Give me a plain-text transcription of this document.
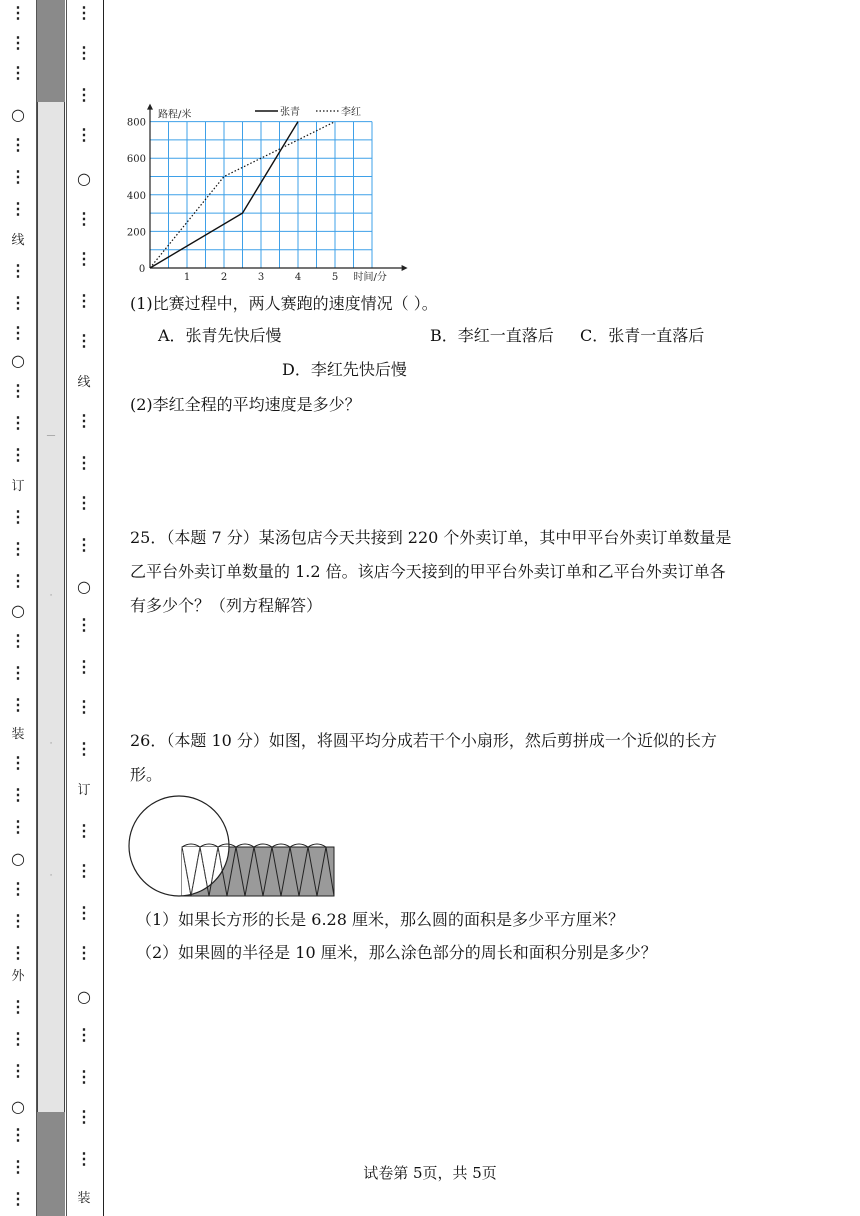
—
·
·
·
⋮
⋮
⋮
○
⋮
⋮
⋮
线
⋮
⋮
⋮
○
⋮
⋮
⋮
订
⋮
⋮
⋮
○
⋮
⋮
⋮
装
⋮
⋮
⋮
○
⋮
⋮
⋮
外
⋮
⋮
⋮
○
⋮
⋮
⋮
⋮
⋮
⋮
⋮
○
⋮
⋮
⋮
⋮
线
⋮
⋮
⋮
⋮
○
⋮
⋮
⋮
⋮
订
⋮
⋮
⋮
⋮
○
⋮
⋮
⋮
⋮
装
0
1	2	3	4	5
200
400
600
800
路程/米
时间/分
张青	李红
(1)比赛过程中，两人赛跑的速度情况（ ）。
A．张青先快后慢	B．李红一直落后 C．张青一直落后
D．李红先快后慢
(2)李红全程的平均速度是多少？
25．（本题 7 分）某汤包店今天共接到 220 个外卖订单，其中甲平台外卖订单数量是乙平台外卖订单数量的 1.2 倍。该店今天接到的甲平台外卖订单和乙平台外卖订单各有多少个？（列方程解答）
26．（本题 10 分）如图，将圆平均分成若干个小扇形，然后剪拼成一个近似的长方形。
（1）如果长方形的长是 6.28 厘米，那么圆的面积是多少平方厘米？
（2）如果圆的半径是 10 厘米，那么涂色部分的周长和面积分别是多少？
试卷第 5页，共 5页
